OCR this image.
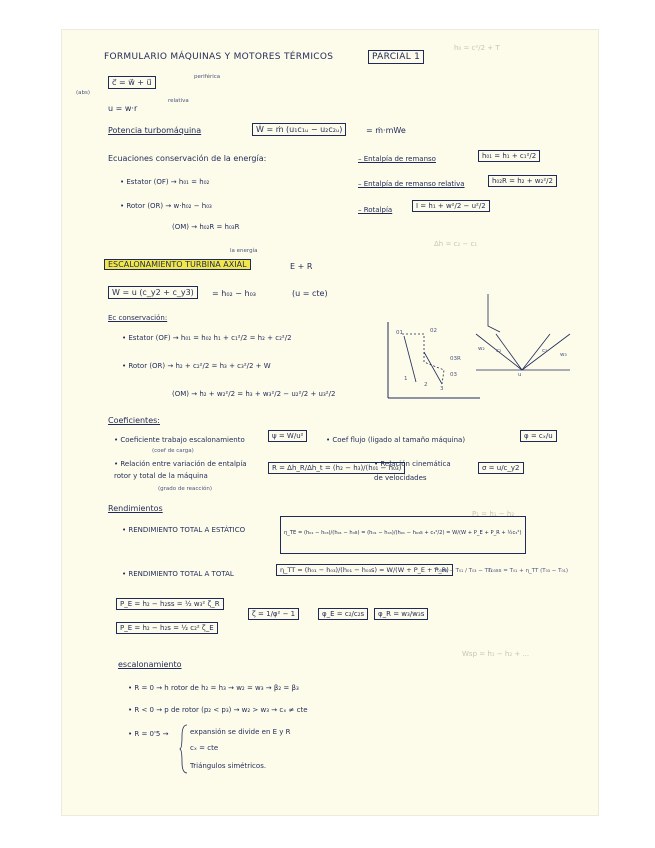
h₀ = c²/2 + T
Δh = c₂ − c₁
P₁ = h₁ − h₂
Wsp = h₁ − h₂ + ...
FORMULARIO MÁQUINAS Y MOTORES TÉRMICOS	PARCIAL 1
(abs)
c⃗ = w⃗ + u⃗
periférica
relativa
u = w·r
Potencia turbomáquina	Ẇ = ṁ (u₁c₁ᵤ − u₂c₂ᵤ)	= ṁ·mWe
Ecuaciones conservación de la energía:
• Estator (OF) → h₀₁ = h₀₂
• Rotor (OR) → w·h₀₂ − h₀₃
(OM) → h₀₂R = h₀₃R
– Entalpía de remanso	h₀₁ = h₁ + c₁²/2
– Entalpía de remanso relativa	h₀₂R = h₂ + w₂²/2
– Rotalpía	I = h₁ + w²/2 − u²/2
la energía
ESCALONAMIENTO TURBINA AXIAL	E + R
W = u (c_y2 + c_y3)	= h₀₂ − h₀₃	(u = cte)
Ec conservación:
• Estator (OF) → h₀₁ = h₀₂ h₁ + c₁²/2 = h₂ + c₂²/2
• Rotor (OR) → h₂ + c₂²/2 = h₃ + c₃²/2 + W
(OM) → h₂ + w₂²/2 = h₃ + w₃²/2 − u₂²/2 + u₃²/2
01	02
03R
1
2
3
03
w₂ c₂	c₃
w₃
u
Coeficientes:
• Coeficiente trabajo escalonamiento
(coef de carga)
ψ = W/u²	• Coef flujo (ligado al tamaño máquina)	φ = cₓ/u
• Relación entre variación de entalpía
rotor y total de la máquina
(grado de reacción)
R = Δh_R/Δh_t = (h₂ − h₃)/(h₀₁ − h₀₃)
• Relación cinemática
de velocidades
σ = u/c_y2
Rendimientos
• RENDIMIENTO TOTAL A ESTÁTICO	η_TE = (h₀₁ − h₀₃)/(h₀₁ − h₃s) = (h₀₁ − h₀₃)/(h₀₁ − h₀₃s + c₃²/2) = W/(W + P_E + P_R + ½c₃²)
• RENDIMIENTO TOTAL A TOTAL	η_TT = (h₀₁ − h₀₃)/(h₀₁ − h₀₃s) = W/(W + P_E + P_R)
T₀₃ss − T₀₁ / T₀₃ − T₀₁
T₀₃ss = T₀₁ + η_TT (T₀₃ − T₀₁)
P_E = h₂ − h₂ss = ½ w₃² ζ_R
P_E = h₂ − h₂s = ½ c₂² ζ_E
ζ = 1/φ² − 1	φ_E = c₂/c₂s	φ_R = w₃/w₃s
escalonamiento
• R = 0 → h rotor de h₂ = h₃ → w₂ = w₃ → β₂ = β₃
• R < 0 → p de rotor (p₂ < p₃) → w₂ > w₃ → cₓ ≠ cte
• R = 0'5 →	expansión se divide en E y R
cₓ = cte
Triángulos simétricos.
